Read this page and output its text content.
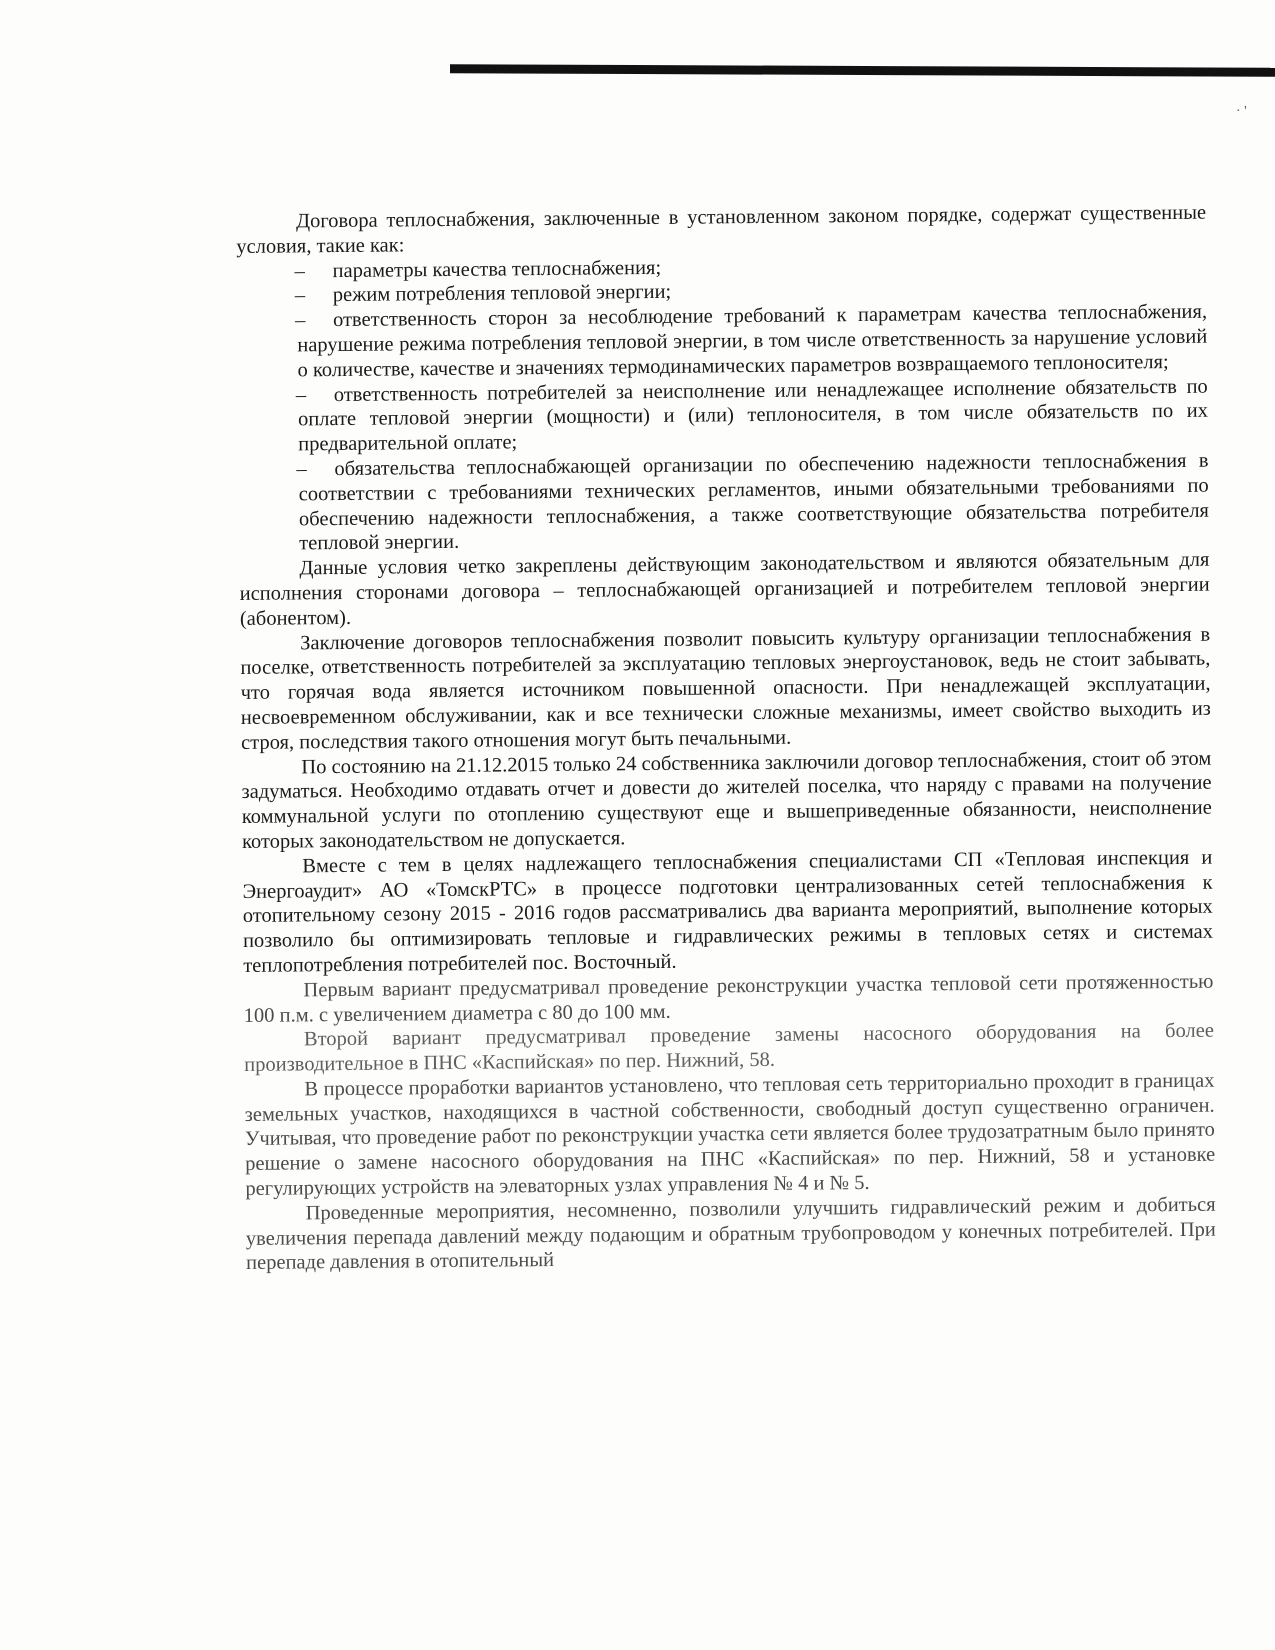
· '

Договора теплоснабжения, заключенные в установленном законом порядке, содержат существенные условия, такие как:

– параметры качества теплоснабжения;

– режим потребления тепловой энергии;

– ответственность сторон за несоблюдение требований к параметрам качества теплоснабжения, нарушение режима потребления тепловой энергии, в том числе ответственность за нарушение условий о количестве, качестве и значениях термодинамических параметров возвращаемого теплоносителя;

– ответственность потребителей за неисполнение или ненадлежащее исполнение обязательств по оплате тепловой энергии (мощности) и (или) теплоносителя, в том числе обязательств по их предварительной оплате;

– обязательства теплоснабжающей организации по обеспечению надежности теплоснабжения в соответствии с требованиями технических регламентов, иными обязательными требованиями по обеспечению надежности теплоснабжения, а также соответствующие обязательства потребителя тепловой энергии.

Данные условия четко закреплены действующим законодательством и являются обязательным для исполнения сторонами договора – теплоснабжающей организацией и потребителем тепловой энергии (абонентом).

Заключение договоров теплоснабжения позволит повысить культуру организации теплоснабжения в поселке, ответственность потребителей за эксплуатацию тепловых энергоустановок, ведь не стоит забывать, что горячая вода является источником повышенной опасности. При ненадлежащей эксплуатации, несвоевременном обслуживании, как и все технически сложные механизмы, имеет свойство выходить из строя, последствия такого отношения могут быть печальными.

По состоянию на 21.12.2015 только 24 собственника заключили договор теплоснабжения, стоит об этом задуматься. Необходимо отдавать отчет и довести до жителей поселка, что наряду с правами на получение коммунальной услуги по отоплению существуют еще и вышеприведенные обязанности, неисполнение которых законодательством не допускается.

Вместе с тем в целях надлежащего теплоснабжения специалистами СП «Тепловая инспекция и Энергоаудит» АО «ТомскРТС» в процессе подготовки централизованных сетей теплоснабжения к отопительному сезону 2015 - 2016 годов рассматривались два варианта мероприятий, выполнение которых позволило бы оптимизировать тепловые и гидравлических режимы в тепловых сетях и системах теплопотребления потребителей пос. Восточный.

Первым вариант предусматривал проведение реконструкции участка тепловой сети протяженностью 100 п.м. с увеличением диаметра с 80 до 100 мм.

Второй вариант предусматривал проведение замены насосного оборудования на более производительное в ПНС «Каспийская» по пер. Нижний, 58.

В процессе проработки вариантов установлено, что тепловая сеть территориально проходит в границах земельных участков, находящихся в частной собственности, свободный доступ существенно ограничен. Учитывая, что проведение работ по реконструкции участка сети является более трудозатратным было принято решение о замене насосного оборудования на ПНС «Каспийская» по пер. Нижний, 58 и установке регулирующих устройств на элеваторных узлах управления № 4 и № 5.

Проведенные мероприятия, несомненно, позволили улучшить гидравлический режим и добиться увеличения перепада давлений между подающим и обратным трубопроводом у конечных потребителей. При перепаде давления в отопительный
